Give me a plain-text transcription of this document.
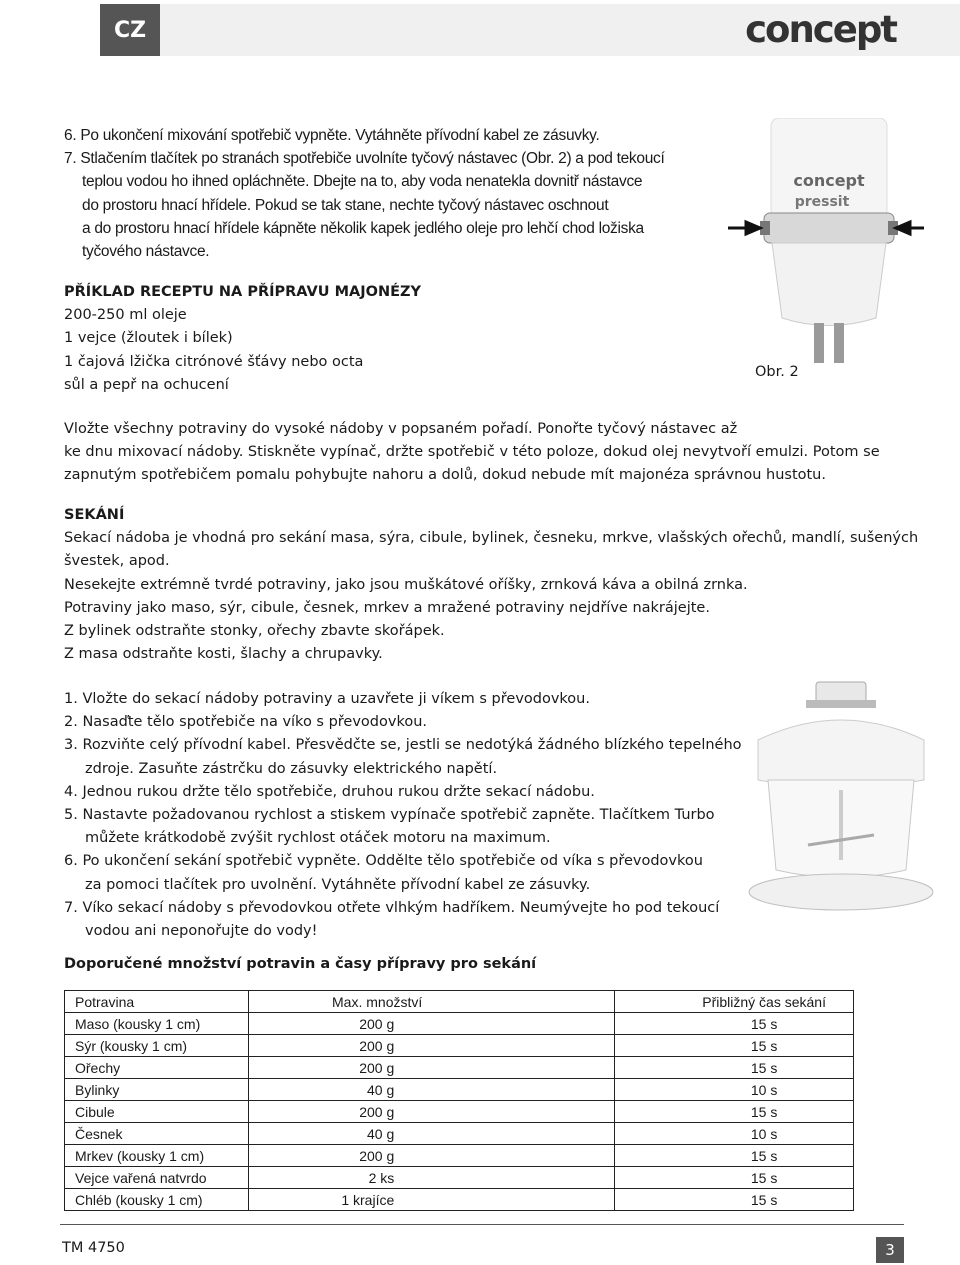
CZ	concept
6. Po ukončení mixování spotřebič vypněte. Vytáhněte přívodní kabel ze zásuvky.
7. Stlačením tlačítek po stranách spotřebiče uvolníte tyčový nástavec (Obr. 2) a pod tekoucí
teplou vodou ho ihned opláchněte. Dbejte na to, aby voda nenatekla dovnitř nástavce
do prostoru hnací hřídele. Pokud se tak stane, nechte tyčový nástavec oschnout
a do prostoru hnací hřídele kápněte několik kapek jedlého oleje pro lehčí chod ložiska
tyčového nástavce.
PŘÍKLAD RECEPTU NA PŘÍPRAVU MAJONÉZY
200-250 ml oleje
1 vejce (žloutek i bílek)
1 čajová lžička citrónové šťávy nebo octa
sůl a pepř na ochucení
Vložte všechny potraviny do vysoké nádoby v popsaném pořadí. Ponořte tyčový nástavec až
ke dnu mixovací nádoby. Stiskněte vypínač, držte spotřebič v této poloze, dokud olej nevytvoří emulzi. Potom se
zapnutým spotřebičem pomalu pohybujte nahoru a dolů, dokud nebude mít majonéza správnou hustotu.
concept
pressit
Obr. 2
SEKÁNÍ
Sekací nádoba je vhodná pro sekání masa, sýra, cibule, bylinek, česneku, mrkve, vlašských ořechů, mandlí, sušených
švestek, apod.
Nesekejte extrémně tvrdé potraviny, jako jsou muškátové oříšky, zrnková káva a obilná zrnka.
Potraviny jako maso, sýr, cibule, česnek, mrkev a mražené potraviny nejdříve nakrájejte.
Z bylinek odstraňte stonky, ořechy zbavte skořápek.
Z masa odstraňte kosti, šlachy a chrupavky.
1. Vložte do sekací nádoby potraviny a uzavřete ji víkem s převodovkou.
2. Nasaďte tělo spotřebiče na víko s převodovkou.
3. Rozviňte celý přívodní kabel. Přesvědčte se, jestli se nedotýká žádného blízkého tepelného
zdroje. Zasuňte zástrčku do zásuvky elektrického napětí.
4. Jednou rukou držte tělo spotřebiče, druhou rukou držte sekací nádobu.
5. Nastavte požadovanou rychlost a stiskem vypínače spotřebič zapněte. Tlačítkem Turbo
můžete krátkodobě zvýšit rychlost otáček motoru na maximum.
6. Po ukončení sekání spotřebič vypněte. Oddělte tělo spotřebiče od víka s převodovkou
za pomoci tlačítek pro uvolnění. Vytáhněte přívodní kabel ze zásuvky.
7. Víko sekací nádoby s převodovkou otřete vlhkým hadříkem. Neumývejte ho pod tekoucí
vodou ani neponořujte do vody!
Doporučené množství potravin a časy přípravy pro sekání
Potravina	Max. množství	Přibližný čas sekání
Maso (kousky 1 cm)	200 g	15 s
Sýr (kousky 1 cm)	200 g	15 s
Ořechy	200 g	15 s
Bylinky	40 g	10 s
Cibule	200 g	15 s
Česnek	40 g	10 s
Mrkev (kousky 1 cm)	200 g	15 s
Vejce vařená natvrdo	2 ks	15 s
Chléb (kousky 1 cm)	1 krajíce	15 s
TM 4750	3
